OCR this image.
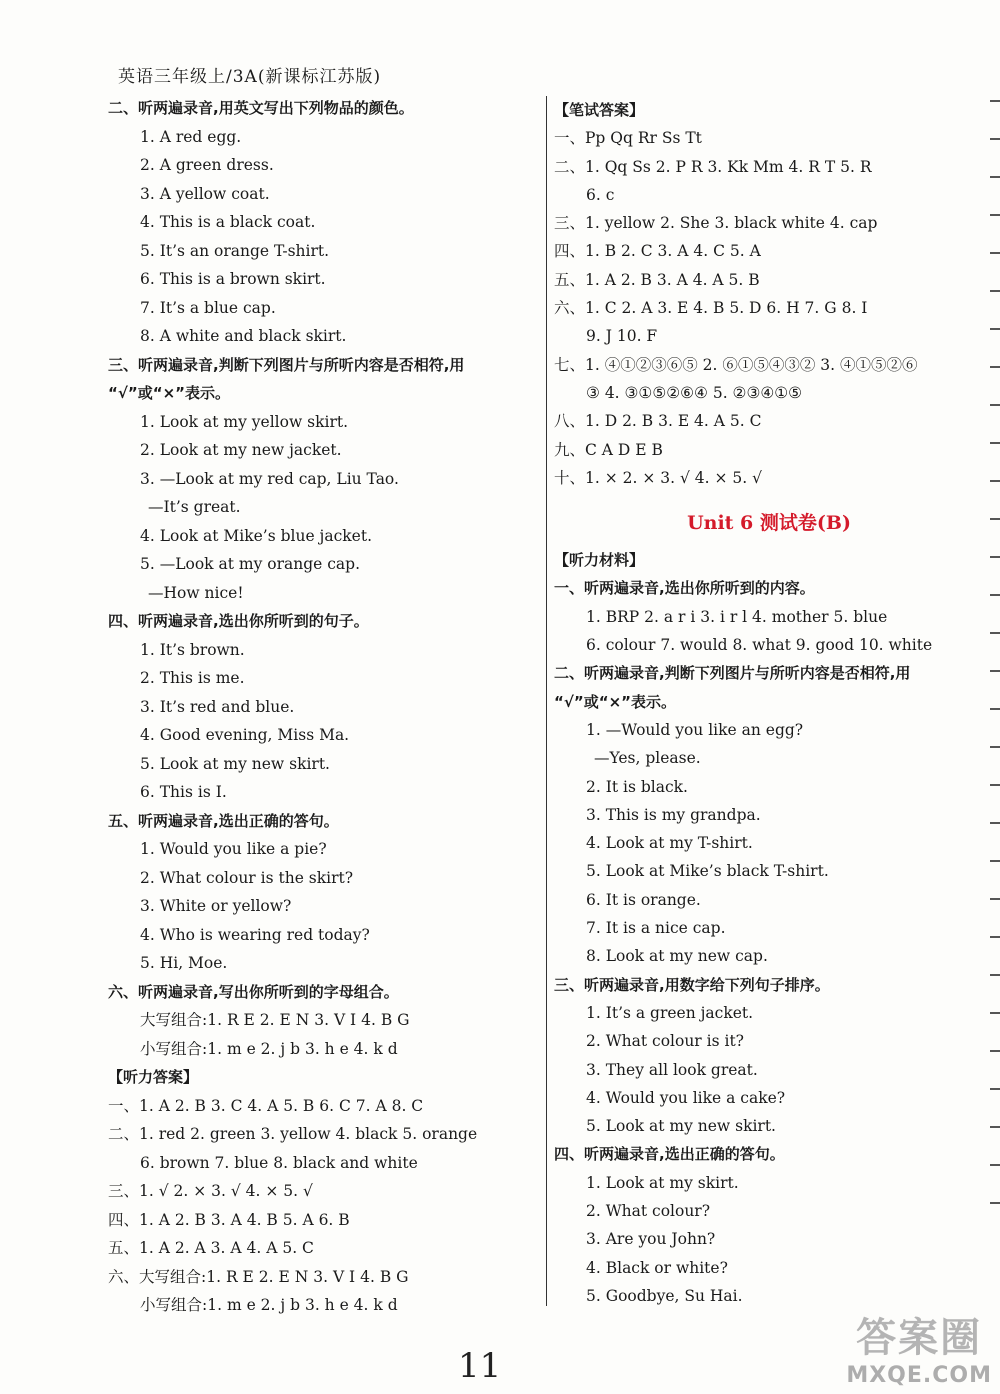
英语三年级上/3A(新课标江苏版)
二、听两遍录音,用英文写出下列物品的颜色。
1. A red egg.
2. A green dress.
3. A yellow coat.
4. This is a black coat.
5. It’s an orange T-shirt.
6. This is a brown skirt.
7. It’s a blue cap.
8. A white and black skirt.
三、听两遍录音,判断下列图片与所听内容是否相符,用
“√”或“×”表示。
1. Look at my yellow skirt.
2. Look at my new jacket.
3. —Look at my red cap, Liu Tao.
—It’s great.
4. Look at Mike’s blue jacket.
5. —Look at my orange cap.
—How nice!
四、听两遍录音,选出你所听到的句子。
1. It’s brown.
2. This is me.
3. It’s red and blue.
4. Good evening, Miss Ma.
5. Look at my new skirt.
6. This is I.
五、听两遍录音,选出正确的答句。
1. Would you like a pie?
2. What colour is the skirt?
3. White or yellow?
4. Who is wearing red today?
5. Hi, Moe.
六、听两遍录音,写出你所听到的字母组合。
大写组合:1. R E 2. E N 3. V I 4. B G
小写组合:1. m e 2. j b 3. h e 4. k d
【听力答案】
一、1. A 2. B 3. C 4. A 5. B 6. C 7. A 8. C
二、1. red 2. green 3. yellow 4. black 5. orange
6. brown 7. blue 8. black and white
三、1. √ 2. × 3. √ 4. × 5. √
四、1. A 2. B 3. A 4. B 5. A 6. B
五、1. A 2. A 3. A 4. A 5. C
六、大写组合:1. R E 2. E N 3. V I 4. B G
小写组合:1. m e 2. j b 3. h e 4. k d
【笔试答案】
一、Pp Qq Rr Ss Tt
二、1. Qq Ss 2. P R 3. Kk Mm 4. R T 5. R
6. c
三、1. yellow 2. She 3. black white 4. cap
四、1. B 2. C 3. A 4. C 5. A
五、1. A 2. B 3. A 4. A 5. B
六、1. C 2. A 3. E 4. B 5. D 6. H 7. G 8. I
9. J 10. F
七、1. ④①②③⑥⑤ 2. ⑥①⑤④③② 3. ④①⑤②⑥
③ 4. ③①⑤②⑥④ 5. ②③④①⑤
八、1. D 2. B 3. E 4. A 5. C
九、C A D E B
十、1. × 2. × 3. √ 4. × 5. √
Unit 6 测试卷(B)
【听力材料】
一、听两遍录音,选出你所听到的内容。
1. BRP 2. a r i 3. i r l 4. mother 5. blue
6. colour 7. would 8. what 9. good 10. white
二、听两遍录音,判断下列图片与所听内容是否相符,用
“√”或“×”表示。
1. —Would you like an egg?
—Yes, please.
2. It is black.
3. This is my grandpa.
4. Look at my T-shirt.
5. Look at Mike’s black T-shirt.
6. It is orange.
7. It is a nice cap.
8. Look at my new cap.
三、听两遍录音,用数字给下列句子排序。
1. It’s a green jacket.
2. What colour is it?
3. They all look great.
4. Would you like a cake?
5. Look at my new skirt.
四、听两遍录音,选出正确的答句。
1. Look at my skirt.
2. What colour?
3. Are you John?
4. Black or white?
5. Goodbye, Su Hai.
11
答案圈
MXQE.COM
